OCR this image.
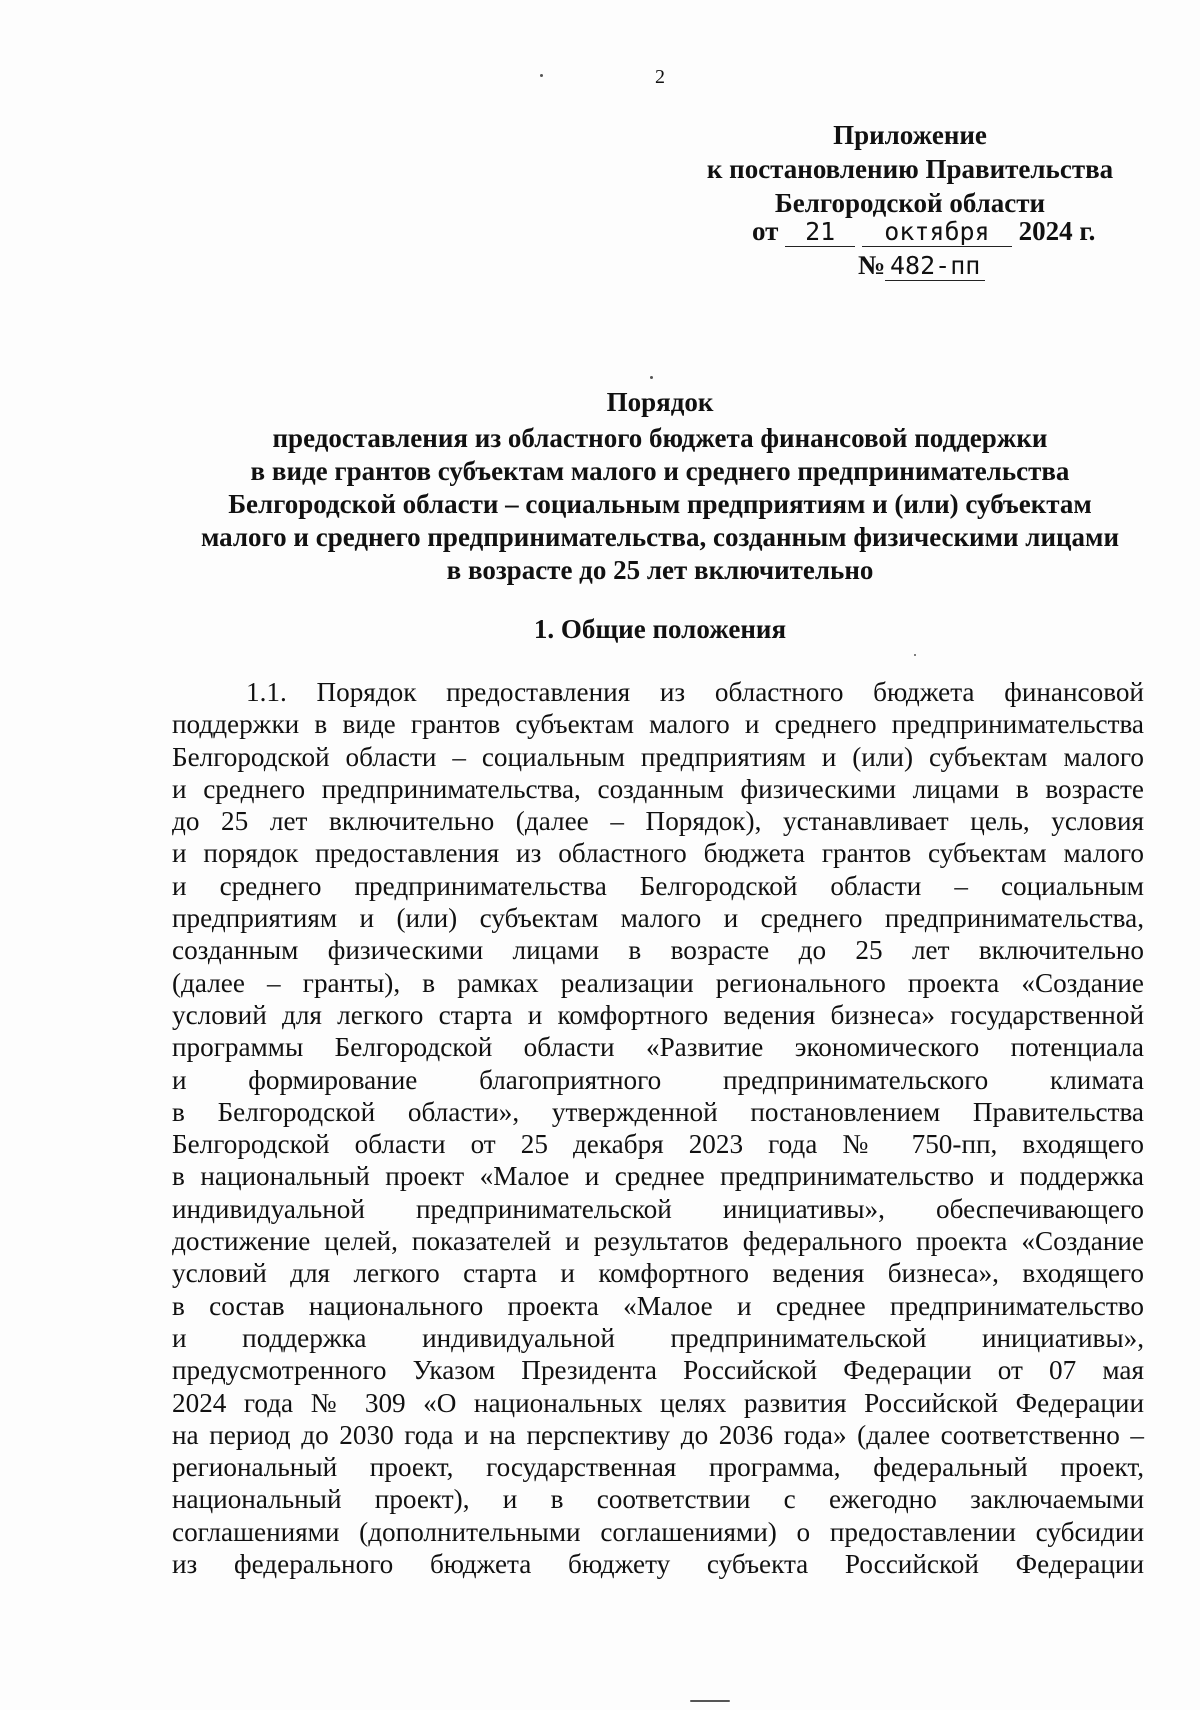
2
Приложение
к постановлению Правительства
Белгородской области
от 21 октября 2024 г.
№ 482-пп
Порядок
предоставления из областного бюджета финансовой поддержки
в виде грантов субъектам малого и среднего предпринимательства
Белгородской области – социальным предприятиям и (или) субъектам
малого и среднего предпринимательства, созданным физическими лицами
в возрасте до 25 лет включительно
1. Общие положения
1.1. Порядок предоставления из областного бюджета финансовой
поддержки в виде грантов субъектам малого и среднего предпринимательства
Белгородской области – социальным предприятиям и (или) субъектам малого
и среднего предпринимательства, созданным физическими лицами в возрасте
до 25 лет включительно (далее – Порядок), устанавливает цель, условия
и порядок предоставления из областного бюджета грантов субъектам малого
и среднего предпринимательства Белгородской области – социальным
предприятиям и (или) субъектам малого и среднего предпринимательства,
созданным физическими лицами в возрасте до 25 лет включительно
(далее – гранты), в рамках реализации регионального проекта «Создание
условий для легкого старта и комфортного ведения бизнеса» государственной
программы Белгородской области «Развитие экономического потенциала
и формирование благоприятного предпринимательского климата
в Белгородской области», утвержденной постановлением Правительства
Белгородской области от 25 декабря 2023 года № 750-пп, входящего
в национальный проект «Малое и среднее предпринимательство и поддержка
индивидуальной предпринимательской инициативы», обеспечивающего
достижение целей, показателей и результатов федерального проекта «Создание
условий для легкого старта и комфортного ведения бизнеса», входящего
в состав национального проекта «Малое и среднее предпринимательство
и поддержка индивидуальной предпринимательской инициативы»,
предусмотренного Указом Президента Российской Федерации от 07 мая
2024 года № 309 «О национальных целях развития Российской Федерации
на период до 2030 года и на перспективу до 2036 года» (далее соответственно –
региональный проект, государственная программа, федеральный проект,
национальный проект), и в соответствии с ежегодно заключаемыми
соглашениями (дополнительными соглашениями) о предоставлении субсидии
из федерального бюджета бюджету субъекта Российской Федерации
